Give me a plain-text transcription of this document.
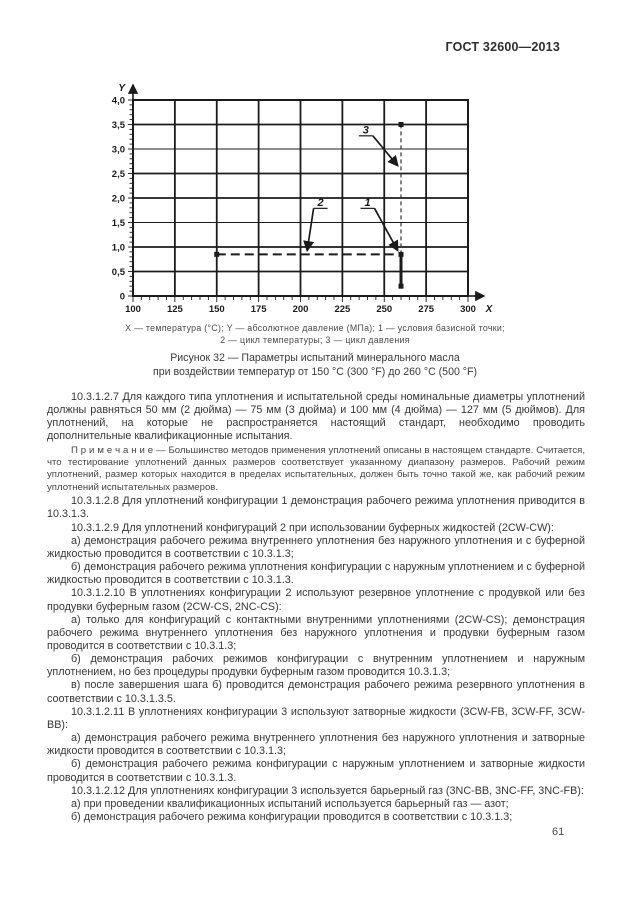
ГОСТ 32600—2013
100	125	150	175	200	225	250	275	300
0
0,5
1,0
1,5
2,0
2,5
3,0
3,5
4,0
X
Y
3
2	1
X — температура (°С); Y — абсолютное давление (МПа); 1 — условия базисной точки;
2 — цикл температуры; 3 — цикл давления
Рисунок 32 — Параметры испытаний минерального масла
при воздействии температур от 150 °С (300 °F) до 260 °С (500 °F)

10.3.1.2.7 Для каждого типа уплотнения и испытательной среды номинальные диаметры уплотнений должны равняться 50 мм (2 дюйма) — 75 мм (3 дюйма) и 100 мм (4 дюйма) — 127 мм (5 дюймов). Для уплотнений, на которые не распространяется настоящий стандарт, необходимо проводить дополнительные квалификационные испытания.

П р и м е ч а н и е — Большинство методов применения уплотнений описаны в настоящем стандарте. Считается, что тестирование уплотнений данных размеров соответствует указанному диапазону размеров. Рабочий режим уплотнений, размер которых находится в пределах испытательных, должен быть точно такой же, как рабочий режим уплотнений испытательных размеров.

10.3.1.2.8 Для уплотнений конфигурации 1 демонстрация рабочего режима уплотнения приводится в 10.3.1.3.

10.3.1.2.9 Для уплотнений конфигураций 2 при использовании буферных жидкостей (2CW-CW):

а) демонстрация рабочего режима внутреннего уплотнения без наружного уплотнения и с буферной жидкостью проводится в соответствии с 10.3.1.3;

б) демонстрация рабочего режима уплотнения конфигурации с наружным уплотнением и с буферной жидкостью проводится в соответствии с 10.3.1.3.

10.3.1.2.10 В уплотнениях конфигурации 2 используют резервное уплотнение с продувкой или без продувки буферным газом (2CW-CS, 2NC-CS):

а) только для конфигураций с контактными внутренними уплотнениями (2CW-CS); демонстрация рабочего режима внутреннего уплотнения без наружного уплотнения и продувки буферным газом проводится в соответствии с 10.3.1.3;

б) демонстрация рабочих режимов конфигурации с внутренним уплотнением и наружным уплотнением, но без процедуры продувки буферным газом проводится 10.3.1.3;

в) после завершения шага б) проводится демонстрация рабочего режима резервного уплотнения в соответствии с 10.3.1.3.5.

10.3.1.2.11 В уплотнениях конфигурации 3 используют затворные жидкости (3CW-FB, 3CW-FF, 3CW-BB):

а) демонстрация рабочего режима внутреннего уплотнения без наружного уплотнения и затворные жидкости проводится в соответствии с 10.3.1.3;

б) демонстрация рабочего режима конфигурации с наружным уплотнением и затворные жидкости проводится в соответствии с 10.3.1.3.

10.3.1.2.12 Для уплотнениях конфигурации 3 используется барьерный газ (3NC-BB, 3NC-FF, 3NC-FB):

а) при проведении квалификационных испытаний используется барьерный газ — азот;

б) демонстрация рабочего режима конфигурации проводится в соответствии с 10.3.1.3;

61
